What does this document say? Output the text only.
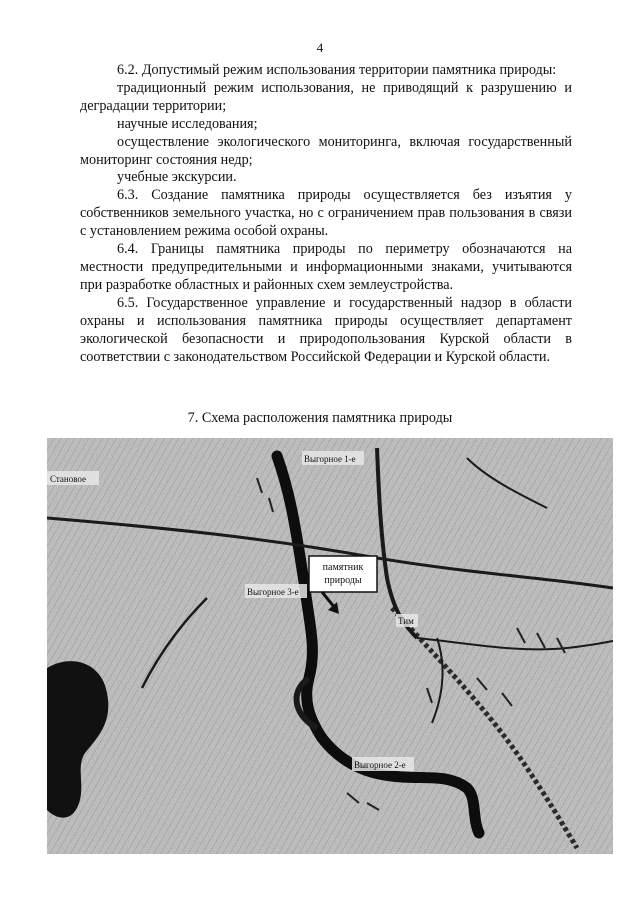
4

6.2. Допустимый режим использования территории памятника природы:

традиционный режим использования, не приводящий к разрушению и деградации территории;

научные исследования;

осуществление экологического мониторинга, включая государственный мониторинг состояния недр;

учебные экскурсии.

6.3. Создание памятника природы осуществляется без изъятия у собственников земельного участка, но с ограничением прав пользования в связи с установлением режима особой охраны.

6.4. Границы памятника природы по периметру обозначаются на местности предупредительными и информационными знаками, учитываются при разработке областных и районных схем землеустройства.

6.5. Государственное управление и государственный надзор в области охраны и использования памятника природы осуществляет департамент экологической безопасности и природопользования Курской области в соответствии с законодательством Российской Федерации и Курской области.

7. Схема расположения памятника природы
памятник
природы
Становое
Выгорное 1-е
Выгорное 3-е
Тим
Выгорное 2-е
